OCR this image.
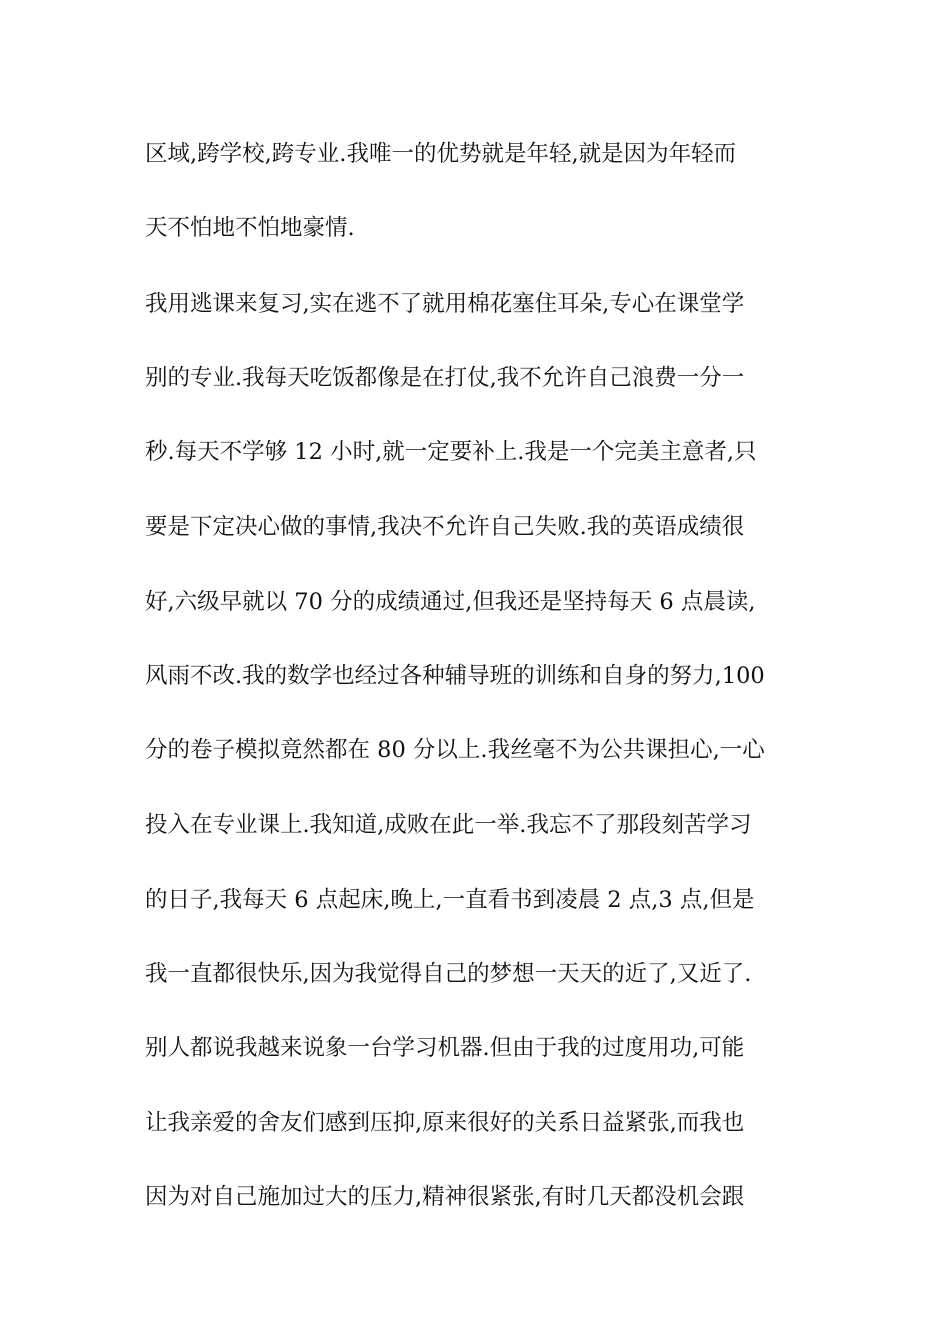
区域,跨学校,跨专业.我唯一的优势就是年轻,就是因为年轻而
天不怕地不怕地豪情.
我用逃课来复习,实在逃不了就用棉花塞住耳朵,专心在课堂学
别的专业.我每天吃饭都像是在打仗,我不允许自己浪费一分一
秒.每天不学够 12 小时,就一定要补上.我是一个完美主意者,只
要是下定决心做的事情,我决不允许自己失败.我的英语成绩很
好,六级早就以 70 分的成绩通过,但我还是坚持每天 6 点晨读,
风雨不改.我的数学也经过各种辅导班的训练和自身的努力,100
分的卷子模拟竟然都在 80 分以上.我丝毫不为公共课担心,一心
投入在专业课上.我知道,成败在此一举.我忘不了那段刻苦学习
的日子,我每天 6 点起床,晚上,一直看书到凌晨 2 点,3 点,但是
我一直都很快乐,因为我觉得自己的梦想一天天的近了,又近了.
别人都说我越来说象一台学习机器.但由于我的过度用功,可能
让我亲爱的舍友们感到压抑,原来很好的关系日益紧张,而我也
因为对自己施加过大的压力,精神很紧张,有时几天都没机会跟
